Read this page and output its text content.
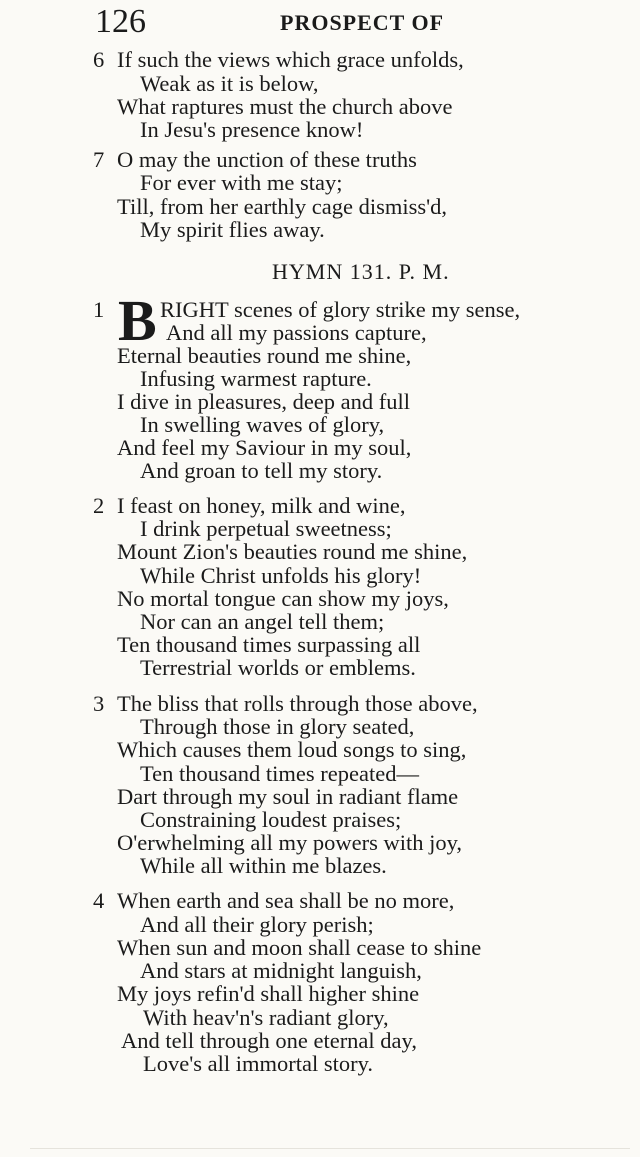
126	PROSPECT OF
6 If such the views which grace unfolds,
Weak as it is below,
What raptures must the church above
In Jesu's presence know!
7 O may the unction of these truths
For ever with me stay;
Till, from her earthly cage dismiss'd,
My spirit flies away.
HYMN 131. P. M.
1 B RIGHT scenes of glory strike my sense,
And all my passions capture,
Eternal beauties round me shine,
Infusing warmest rapture.
I dive in pleasures, deep and full
In swelling waves of glory,
And feel my Saviour in my soul,
And groan to tell my story.
2 I feast on honey, milk and wine,
I drink perpetual sweetness;
Mount Zion's beauties round me shine,
While Christ unfolds his glory!
No mortal tongue can show my joys,
Nor can an angel tell them;
Ten thousand times surpassing all
Terrestrial worlds or emblems.
3 The bliss that rolls through those above,
Through those in glory seated,
Which causes them loud songs to sing,
Ten thousand times repeated—
Dart through my soul in radiant flame
Constraining loudest praises;
O'erwhelming all my powers with joy,
While all within me blazes.
4 When earth and sea shall be no more,
And all their glory perish;
When sun and moon shall cease to shine
And stars at midnight languish,
My joys refin'd shall higher shine
With heav'n's radiant glory,
And tell through one eternal day,
Love's all immortal story.
